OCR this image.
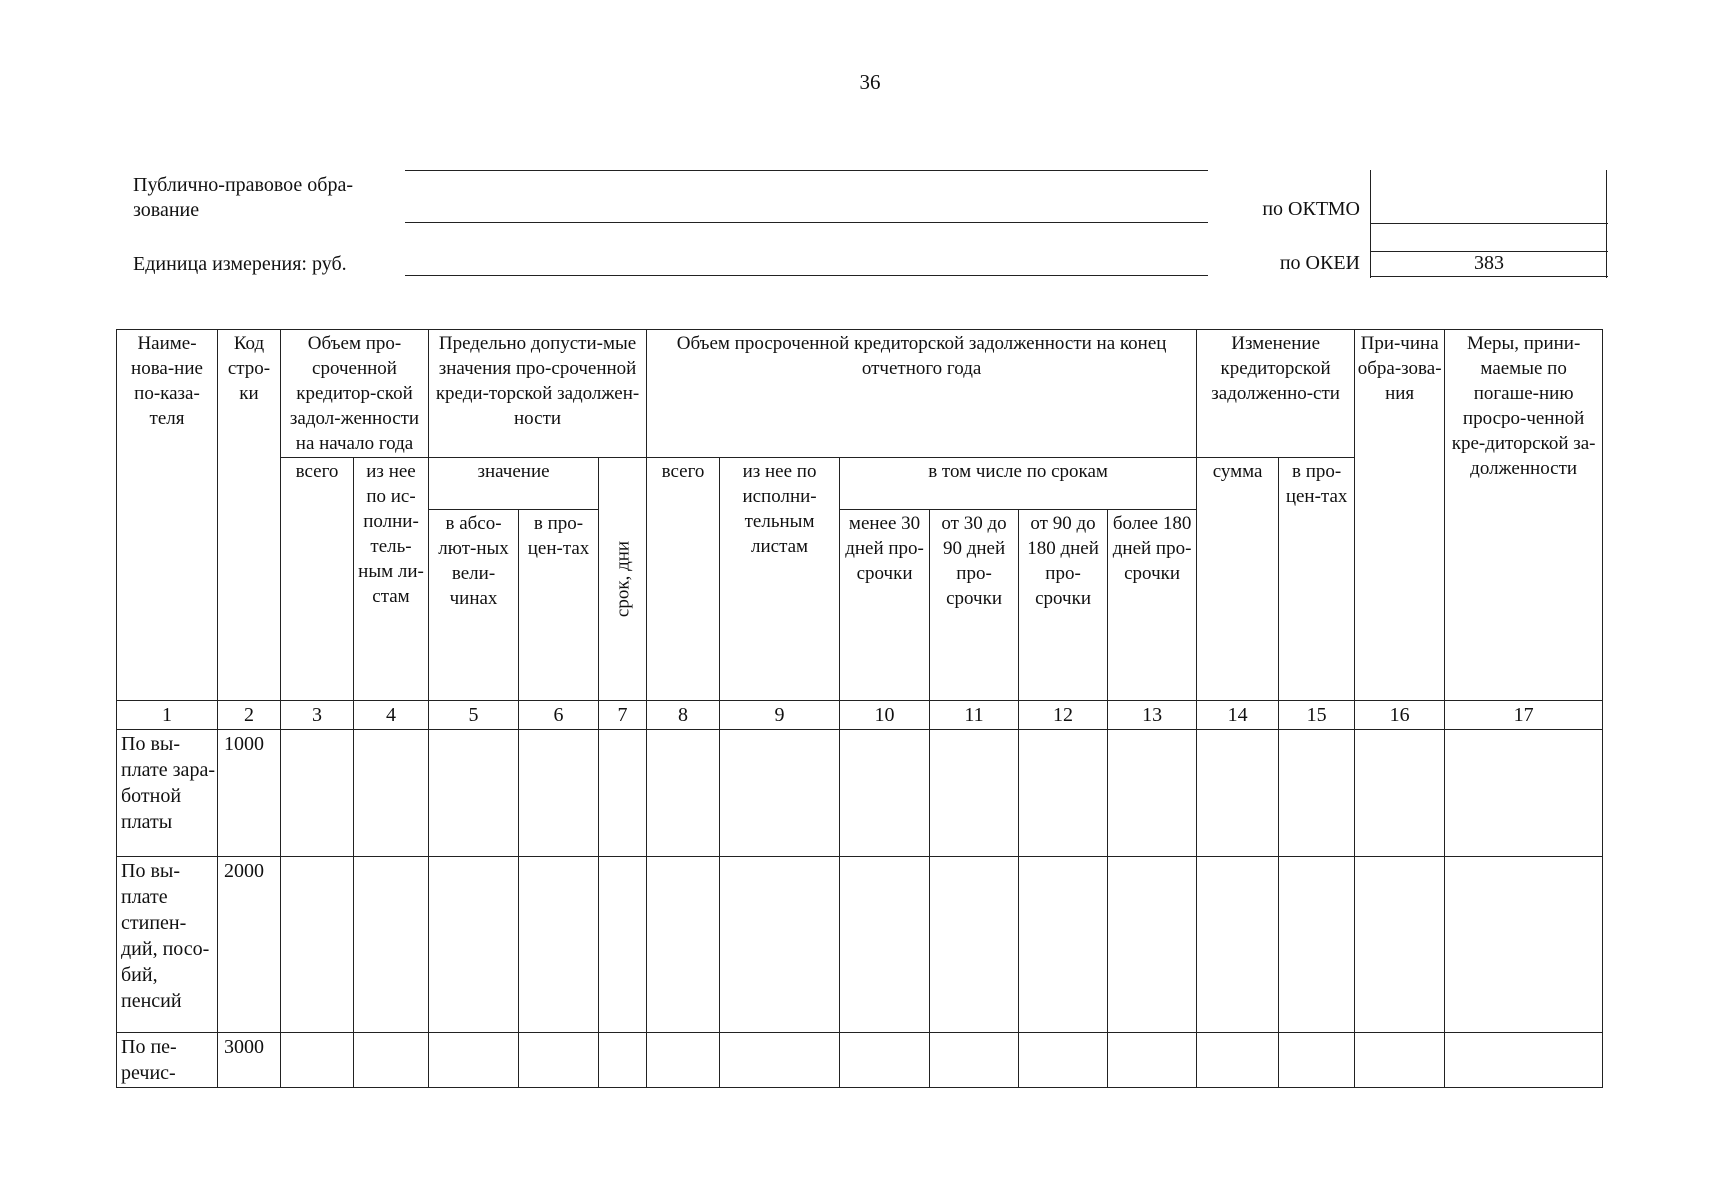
36
Публично-правовое обра-
зование
Единица измерения: руб.
по ОКТМО
по ОКЕИ	383
Наиме-нова-ние по-каза-теля	Код стро-ки	Объем про-сроченной кредитор-ской задол-женности на начало года		Предельно допусти-мые значения про-сроченной креди-торской задолжен-ности			Объем просроченной кредиторской задолженности на конец отчетного года						Изменение кредиторской задолженно-сти		При-чина обра-зова-ния	Меры, прини-маемые по погаше-нию просро-ченной кре-диторской за-долженности
		всего	из нее по ис-полни-тель-ным ли-стам	значение		срок, дни	всего	из нее по исполни-тельным листам	в том числе по срокам				сумма	в про-цен-тах		
				в абсо-лют-ных вели-чинах	в про-цен-тах				менее 30 дней про-срочки	от 30 до 90 дней про-срочки	от 90 до 180 дней про-срочки	более 180 дней про-срочки				
1	2	3	4	5	6	7	8	9	10	11	12	13	14	15	16	17
По вы-плате зара-ботной платы	1000															
По вы-плате стипен-дий, посо-бий, пенсий	2000															
По пе-речис-	3000															
